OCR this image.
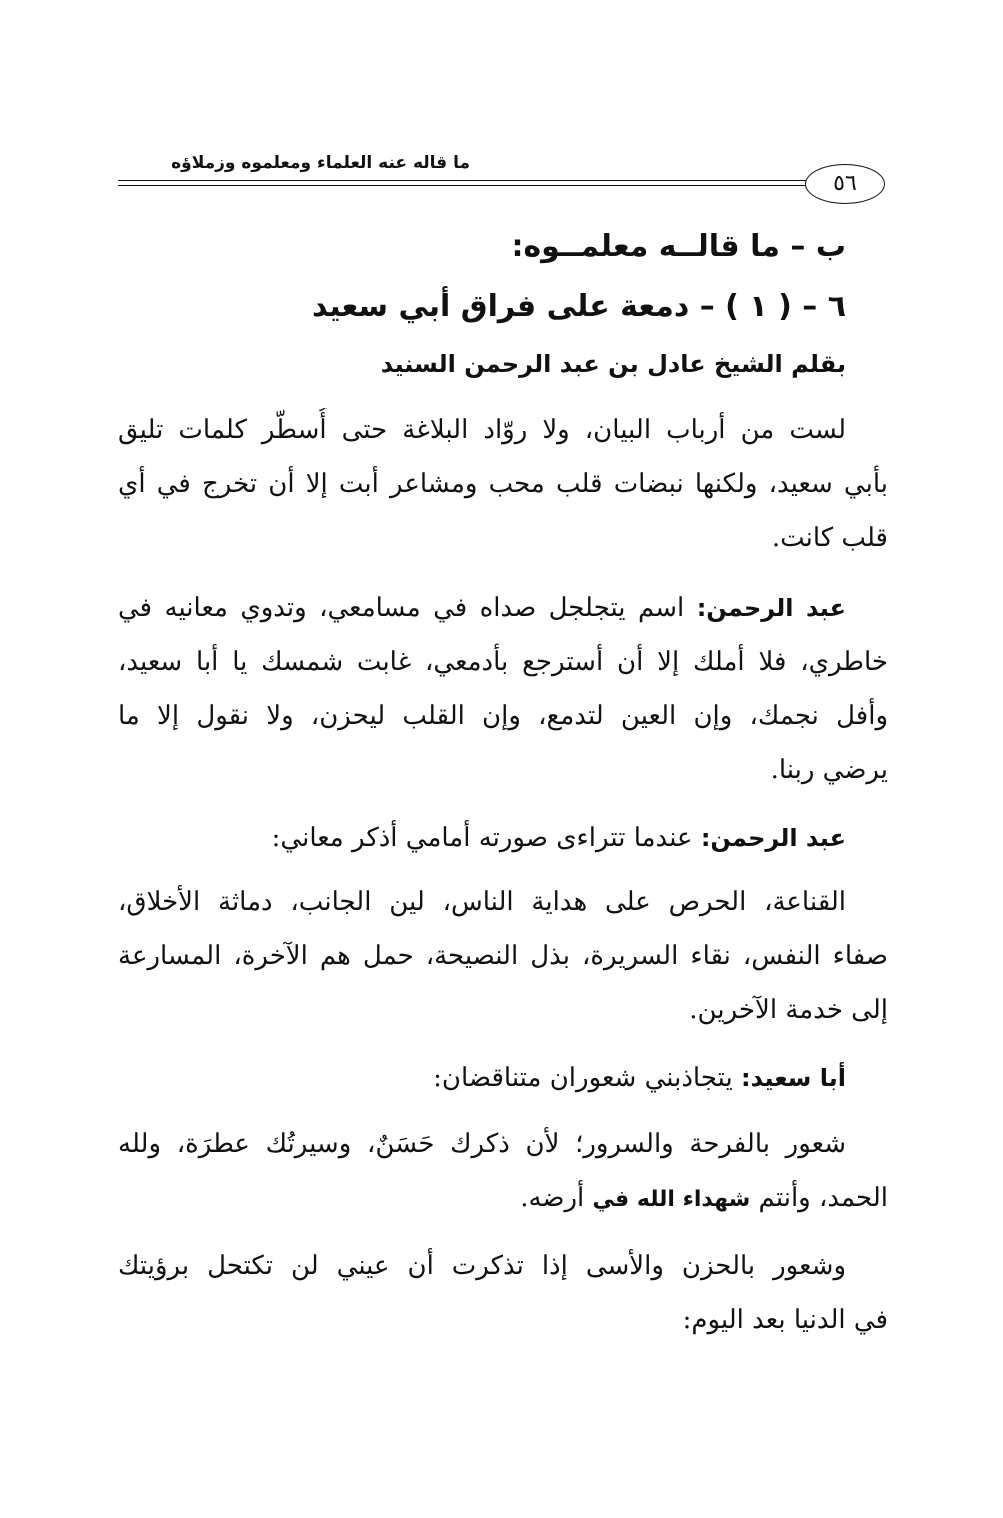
ما قاله عنه العلماء ومعلموه وزملاؤه
٥٦
ب – ما قالــه معلمــوه:
٦ – ( ١ ) – دمعة على فراق أبي سعيد
بقلم الشيخ عادل بن عبد الرحمن السنيد
لست من أرباب البيان، ولا روّاد البلاغة حتى أُسطّر كلمات تليق
بأبي سعيد، ولكنها نبضات قلب محب ومشاعر أبت إلا أن تخرج في أي
قلب كانت.
عبد الرحمن: اسم يتجلجل صداه في مسامعي، وتدوي معانيه في
خاطري، فلا أملك إلا أن أسترجع بأدمعي، غابت شمسك يا أبا سعيد،
وأفل نجمك، وإن العين لتدمع، وإن القلب ليحزن، ولا نقول إلا ما
يرضي ربنا.
عبد الرحمن: عندما تتراءى صورته أمامي أذكر معاني:
القناعة، الحرص على هداية الناس، لين الجانب، دماثة الأخلاق،
صفاء النفس، نقاء السريرة، بذل النصيحة، حمل هم الآخرة، المسارعة
إلى خدمة الآخرين.
أبا سعيد: يتجاذبني شعوران متناقضان:
شعور بالفرحة والسرور؛ لأن ذكرك حَسَنٌ، وسيرتُك عطرَة، ولله
الحمد، وأنتم شهداء الله في أرضه.
وشعور بالحزن والأسى إذا تذكرت أن عيني لن تكتحل برؤيتك
في الدنيا بعد اليوم:
